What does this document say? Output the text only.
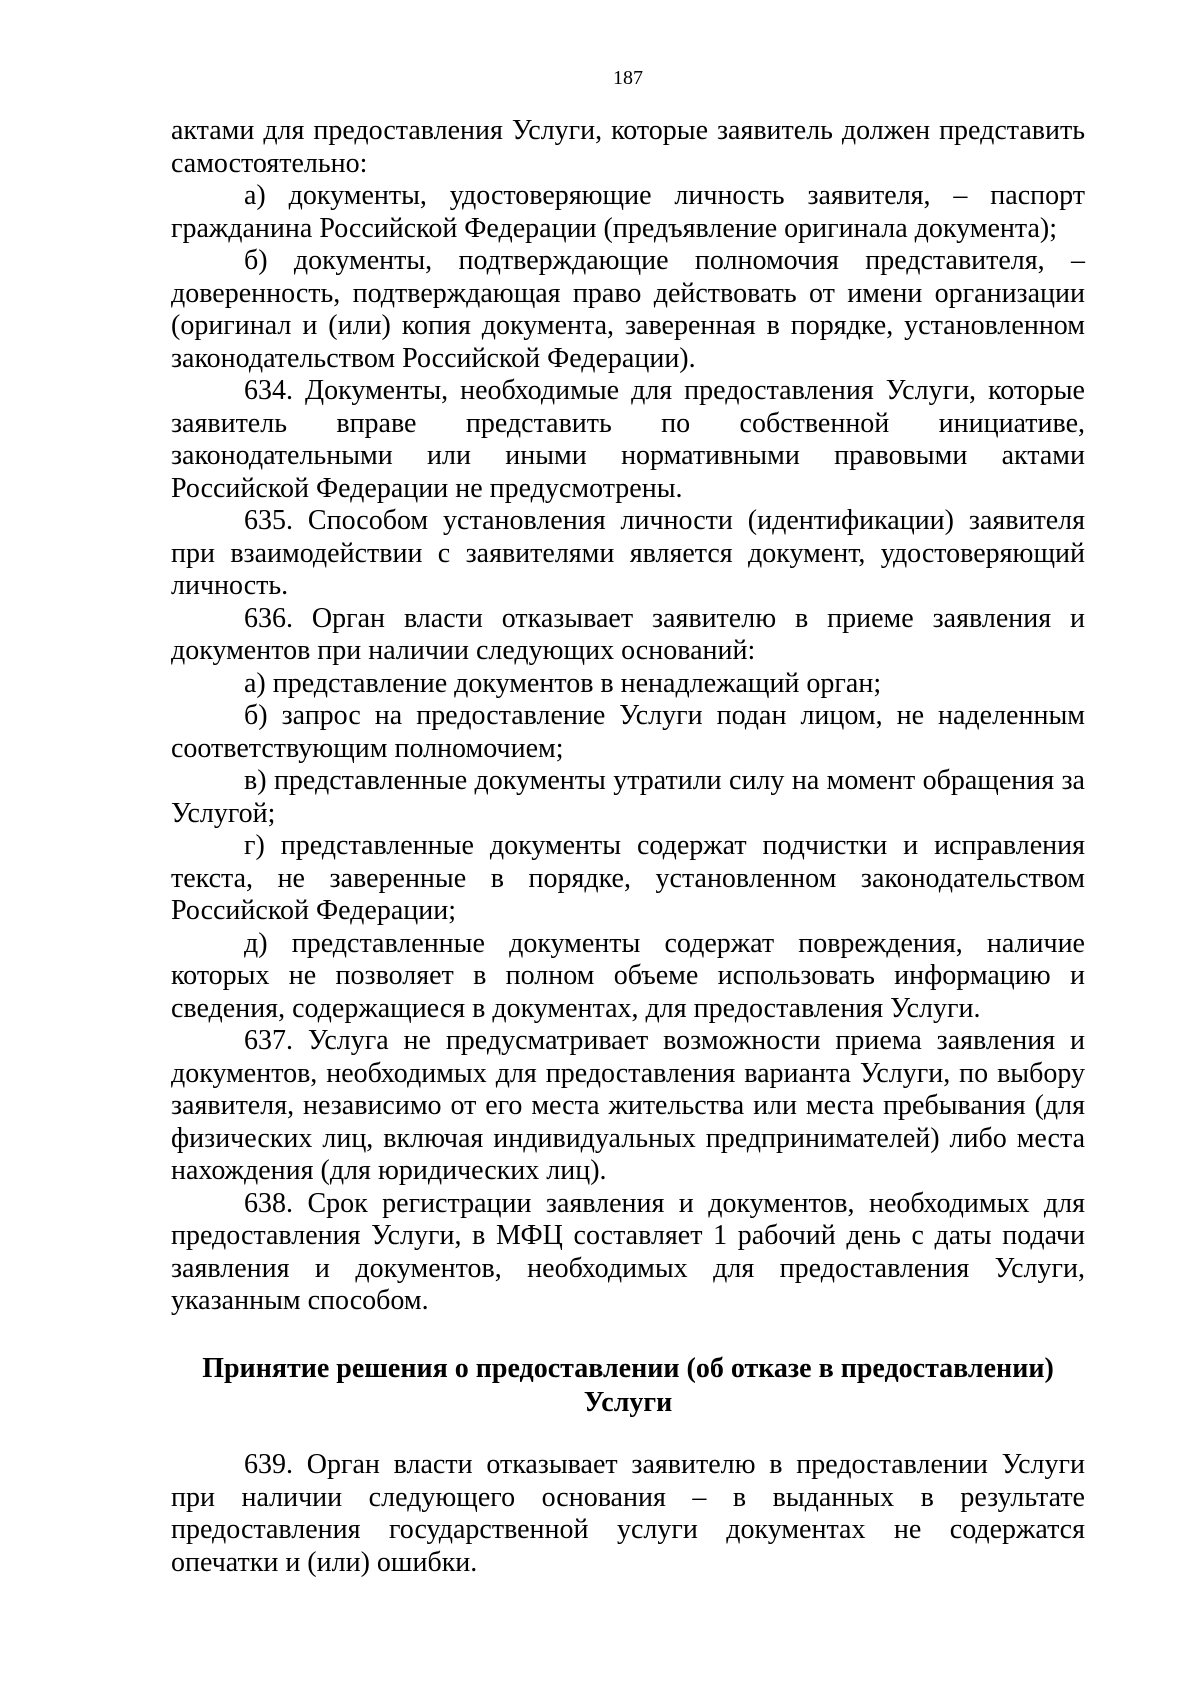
187

актами для предоставления Услуги, которые заявитель должен представить самостоятельно:

а) документы, удостоверяющие личность заявителя, – паспорт гражданина Российской Федерации (предъявление оригинала документа);

б) документы, подтверждающие полномочия представителя, – доверенность, подтверждающая право действовать от имени организации (оригинал и (или) копия документа, заверенная в порядке, установленном законодательством Российской Федерации).

634. Документы, необходимые для предоставления Услуги, которые заявитель вправе представить по собственной инициативе, законодательными или иными нормативными правовыми актами Российской Федерации не предусмотрены.

635. Способом установления личности (идентификации) заявителя при взаимодействии с заявителями является документ, удостоверяющий личность.

636. Орган власти отказывает заявителю в приеме заявления и документов при наличии следующих оснований:

а) представление документов в ненадлежащий орган;

б) запрос на предоставление Услуги подан лицом, не наделенным соответствующим полномочием;

в) представленные документы утратили силу на момент обращения за Услугой;

г) представленные документы содержат подчистки и исправления текста, не заверенные в порядке, установленном законодательством Российской Федерации;

д) представленные документы содержат повреждения, наличие которых не позволяет в полном объеме использовать информацию и сведения, содержащиеся в документах, для предоставления Услуги.

637. Услуга не предусматривает возможности приема заявления и документов, необходимых для предоставления варианта Услуги, по выбору заявителя, независимо от его места жительства или места пребывания (для физических лиц, включая индивидуальных предпринимателей) либо места нахождения (для юридических лиц).

638. Срок регистрации заявления и документов, необходимых для предоставления Услуги, в МФЦ составляет 1 рабочий день с даты подачи заявления и документов, необходимых для предоставления Услуги, указанным способом.

Принятие решения о предоставлении (об отказе в предоставлении)
Услуги

639. Орган власти отказывает заявителю в предоставлении Услуги при наличии следующего основания – в выданных в результате предоставления государственной услуги документах не содержатся опечатки и (или) ошибки.
